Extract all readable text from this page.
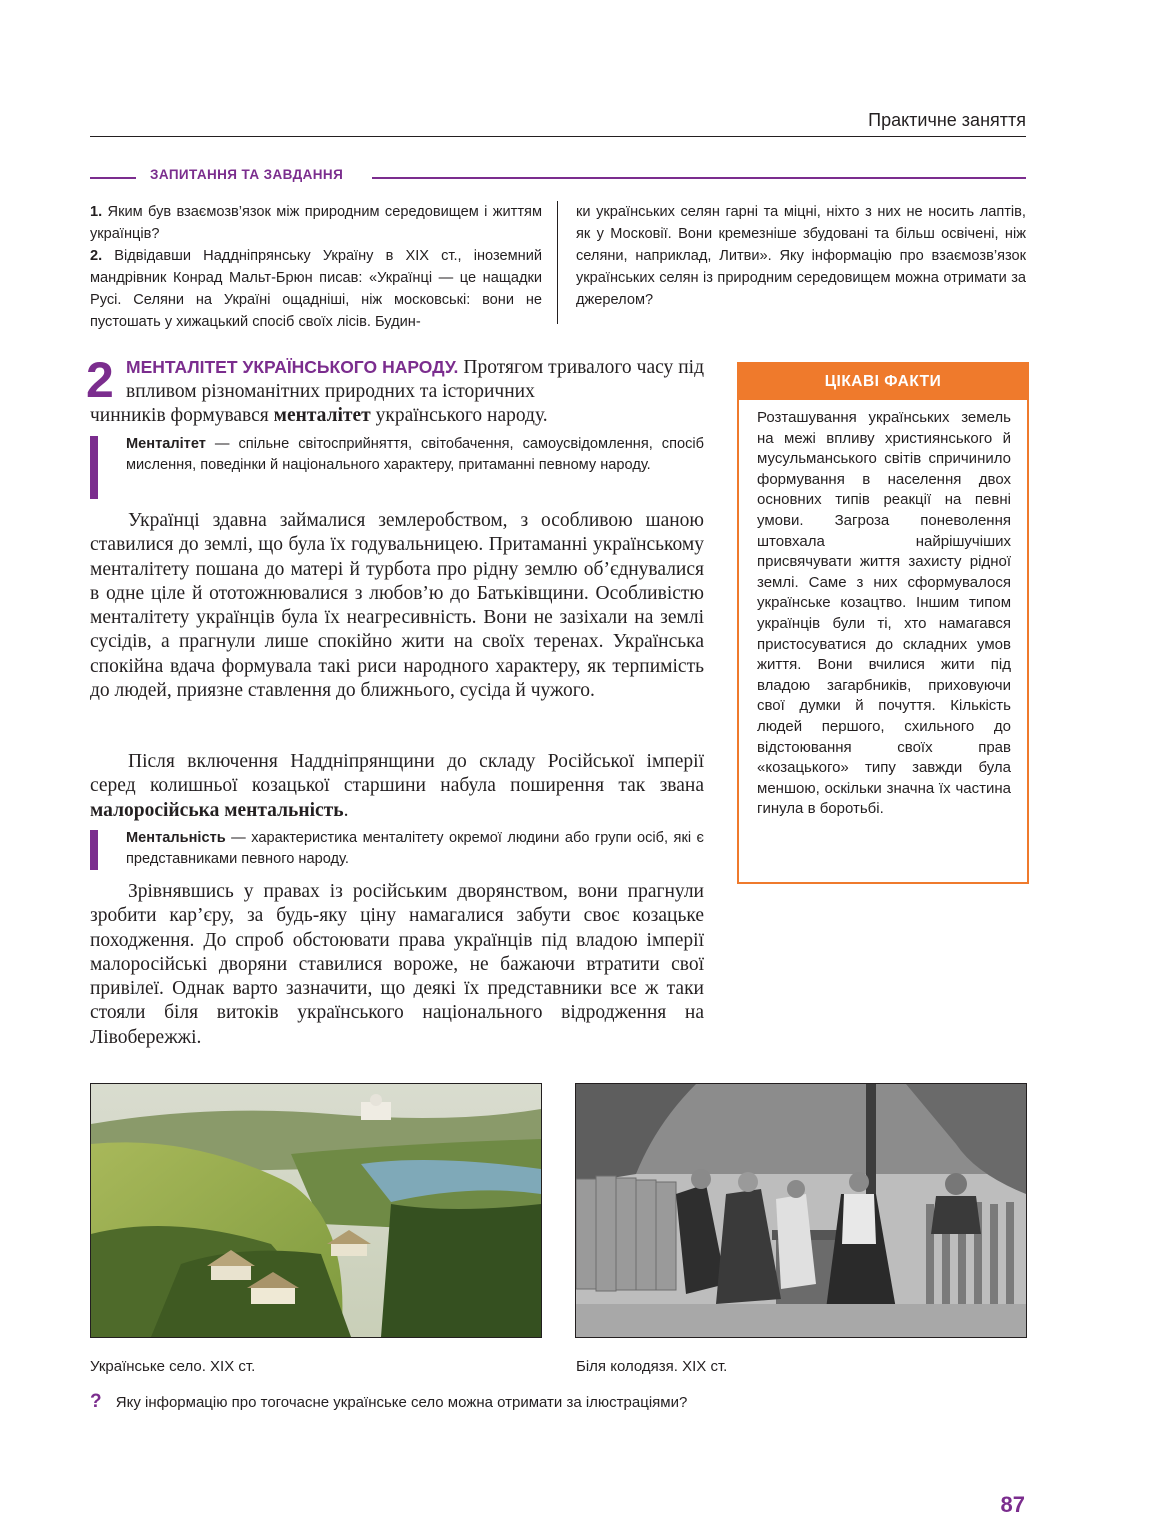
Практичне заняття
ЗАПИТАННЯ ТА ЗАВДАННЯ
1. Яким був взаємозв’язок між природним середовищем і життям українців?
2. Відвідавши Наддніпрянську Україну в ХІХ ст., іноземний мандрівник Конрад Мальт-Брюн писав: «Українці — це нащадки Русі. Селяни на Україні ощадніші, ніж московські: вони не пустошать у хижацький спосіб своїх лісів. Будин-
ки українських селян гарні та міцні, ніхто з них не носить лаптів, як у Московії. Вони кремезніше збудовані та більш освічені, ніж селяни, наприклад, Литви». Яку інформацію про взаємозв’язок українських селян із природним середовищем можна отримати за джерелом?
2 МЕНТАЛІТЕТ УКРАЇНСЬКОГО НАРОДУ. Протягом тривалого часу під впливом різноманітних природних та історичних
чинників формувався менталітет українського народу.
Менталітет — спільне світосприйняття, світобачення, самоусвідомлення, спосіб мислення, поведінки й національного характеру, притаманні певному народу.
Українці здавна займалися землеробством, з особливою шаною ставилися до землі, що була їх годувальницею. Притаманні українському менталітету пошана до матері й турбота про рідну землю об’єднувалися в одне ціле й ототожнювалися з любов’ю до Батьківщини. Особливістю менталітету українців була їх неагресивність. Вони не зазіхали на землі сусідів, а прагнули лише спокійно жити на своїх теренах. Українська спокійна вдача формувала такі риси народного характеру, як терпимість до людей, приязне ставлення до ближнього, сусіда й чужого.
Після включення Наддніпрянщини до складу Російської імперії серед колишньої козацької старшини набула поширення так звана малоросійська ментальність.
Ментальність — характеристика менталітету окремої людини або групи осіб, які є представниками певного народу.
Зрівнявшись у правах із російським дворянством, вони прагнули зробити кар’єру, за будь-яку ціну намагалися забути своє козацьке походження. До спроб обстоювати права українців під владою імперії малоросійські дворяни ставилися вороже, не бажаючи втратити свої привілеї. Однак варто зазначити, що деякі їх представники все ж таки стояли біля витоків українського національного відродження на Лівобережжі.
ЦІКАВІ ФАКТИ
Розташування українських земель на межі впливу християнського й мусульманського світів спричинило формування в населення двох основних типів реакції на певні умови. Загроза поневолення штовхала найрішучіших присвячувати життя захисту рідної землі. Саме з них сформувалося українське козацтво. Іншим типом українців були ті, хто намагався пристосуватися до складних умов життя. Вони вчилися жити під владою загарбників, приховуючи свої думки й почуття. Кількість людей першого, схильного до відстоювання своїх прав «козацького» типу завжди була меншою, оскільки значна їх частина гинула в боротьбі.
Українське село. ХІХ ст.	Біля колодязя. ХІХ ст.
? Яку інформацію про тогочасне українське село можна отримати за ілюстраціями?
87
